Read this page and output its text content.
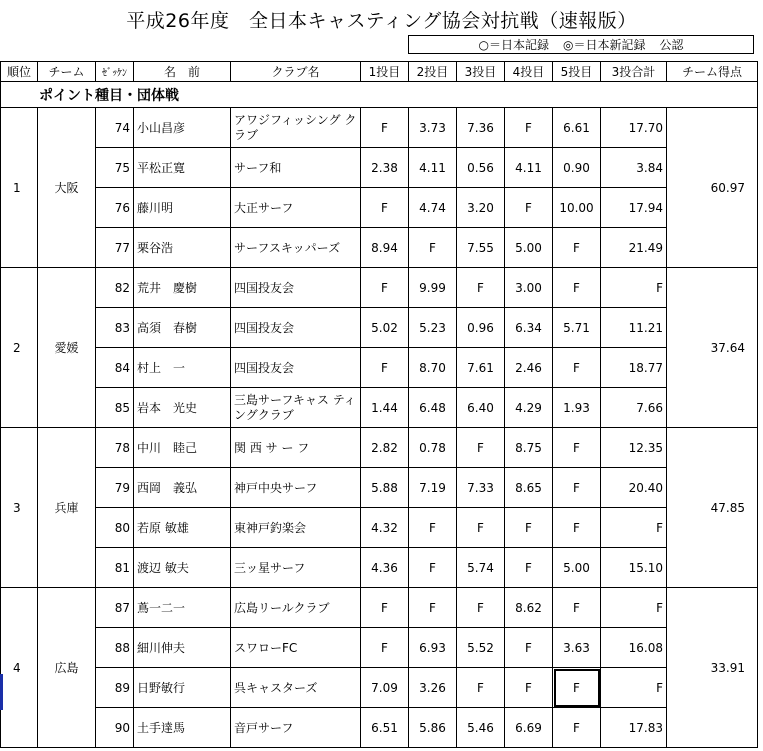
平成26年度　全日本キャスティング協会対抗戦（速報版）
○＝日本記録 ◎＝日本新記録 公認
順位	チーム	ｾﾞｯｹﾝ	名　前	クラブ名	1投目	2投目	3投目	4投目	5投目	3投合計	チーム得点
ポイント種目・団体戦											
1	大阪	74	小山昌彦	アワジフィッシング クラブ	F	3.73	7.36	F	6.61	17.70	60.97
		75	平松正寛	サーフ和	2.38	4.11	0.56	4.11	0.90	3.84	
		76	藤川明	大正サーフ	F	4.74	3.20	F	10.00	17.94	
		77	栗谷浩	サーフスキッパーズ	8.94	F	7.55	5.00	F	21.49	
2	愛媛	82	荒井　慶樹	四国投友会	F	9.99	F	3.00	F	F	37.64
		83	高須　春樹	四国投友会	5.02	5.23	0.96	6.34	5.71	11.21	
		84	村上　一	四国投友会	F	8.70	7.61	2.46	F	18.77	
		85	岩本　光史	三島サーフキャス ティングクラブ	1.44	6.48	6.40	4.29	1.93	7.66	
3	兵庫	78	中川　睦己	関 西 サ ー フ	2.82	0.78	F	8.75	F	12.35	47.85
		79	西岡　義弘	神戸中央サーフ	5.88	7.19	7.33	8.65	F	20.40	
		80	若原 敏雄	東神戸釣楽会	4.32	F	F	F	F	F	
		81	渡辺 敏夫	三ッ星サーフ	4.36	F	5.74	F	5.00	15.10	
4	広島	87	蔦一二一	広島リールクラブ	F	F	F	8.62	F	F	33.91
		88	細川伸夫	スワローFC	F	6.93	5.52	F	3.63	16.08	
		89	日野敏行	呉キャスターズ	7.09	3.26	F	F	F	F	
		90	土手達馬	音戸サーフ	6.51	5.86	5.46	6.69	F	17.83	
